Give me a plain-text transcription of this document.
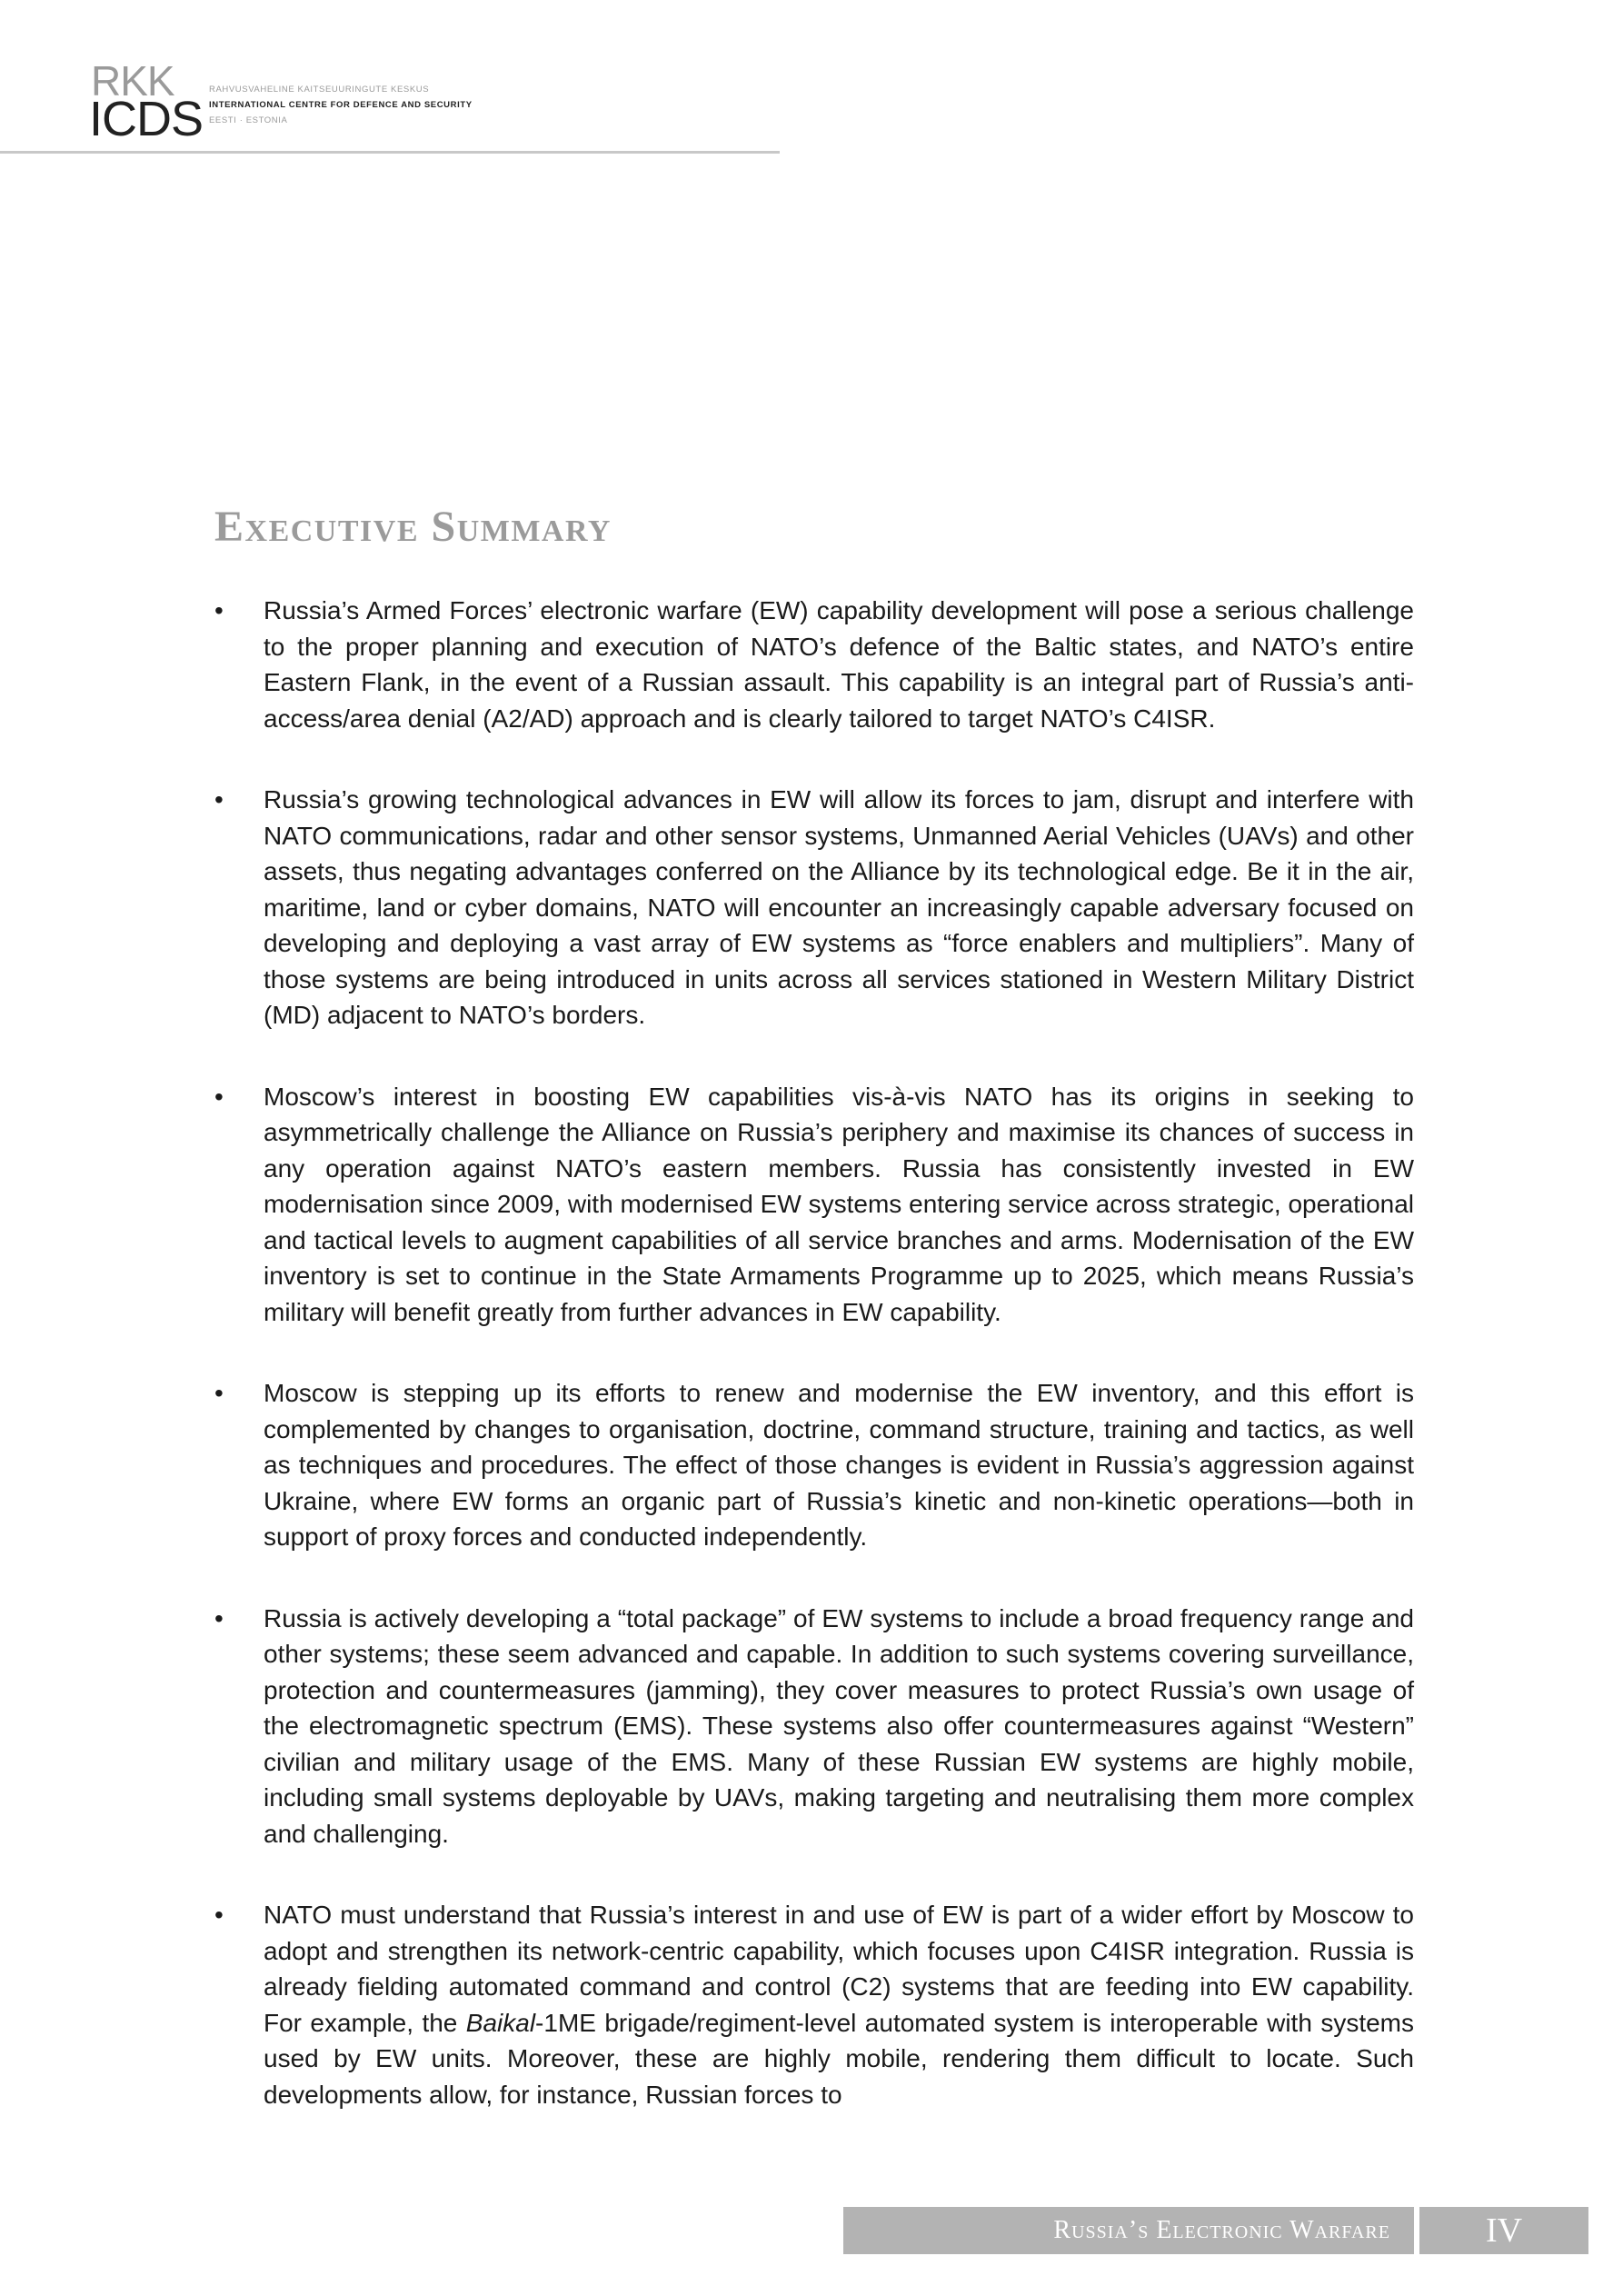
RKK
ICDS
RAHVUSVAHELINE KAITSEUURINGUTE KESKUS
INTERNATIONAL CENTRE FOR DEFENCE AND SECURITY
EESTI · ESTONIA
Executive Summary

• Russia’s Armed Forces’ electronic warfare (EW) capability development will pose a serious challenge to the proper planning and execution of NATO’s defence of the Baltic states, and NATO’s entire Eastern Flank, in the event of a Russian assault. This capability is an integral part of Russia’s anti-access/area denial (A2/AD) approach and is clearly tailored to target NATO’s C4ISR.

• Russia’s growing technological advances in EW will allow its forces to jam, disrupt and interfere with NATO communications, radar and other sensor systems, Unmanned Aerial Vehicles (UAVs) and other assets, thus negating advantages conferred on the Alliance by its technological edge. Be it in the air, maritime, land or cyber domains, NATO will encounter an increasingly capable adversary focused on developing and deploying a vast array of EW systems as “force enablers and multipliers”. Many of those systems are being introduced in units across all services stationed in Western Military District (MD) adjacent to NATO’s borders.

• Moscow’s interest in boosting EW capabilities vis-à-vis NATO has its origins in seeking to asymmetrically challenge the Alliance on Russia’s periphery and maximise its chances of success in any operation against NATO’s eastern members. Russia has consistently invested in EW modernisation since 2009, with modernised EW systems entering service across strategic, operational and tactical levels to augment capabilities of all service branches and arms. Modernisation of the EW inventory is set to continue in the State Armaments Programme up to 2025, which means Russia’s military will benefit greatly from further advances in EW capability.

• Moscow is stepping up its efforts to renew and modernise the EW inventory, and this effort is complemented by changes to organisation, doctrine, command structure, training and tactics, as well as techniques and procedures. The effect of those changes is evident in Russia’s aggression against Ukraine, where EW forms an organic part of Russia’s kinetic and non-kinetic operations—both in support of proxy forces and conducted independently.

• Russia is actively developing a “total package” of EW systems to include a broad frequency range and other systems; these seem advanced and capable. In addition to such systems covering surveillance, protection and countermeasures (jamming), they cover measures to protect Russia’s own usage of the electromagnetic spectrum (EMS). These systems also offer countermeasures against “Western” civilian and military usage of the EMS. Many of these Russian EW systems are highly mobile, including small systems deployable by UAVs, making targeting and neutralising them more complex and challenging.

• NATO must understand that Russia’s interest in and use of EW is part of a wider effort by Moscow to adopt and strengthen its network-centric capability, which focuses upon C4ISR integration. Russia is already fielding automated command and control (C2) systems that are feeding into EW capability. For example, the Baikal-1ME brigade/regiment-level automated system is interoperable with systems used by EW units. Moreover, these are highly mobile, rendering them difficult to locate. Such developments allow, for instance, Russian forces to

Russia’s Electronic Warfare	IV
